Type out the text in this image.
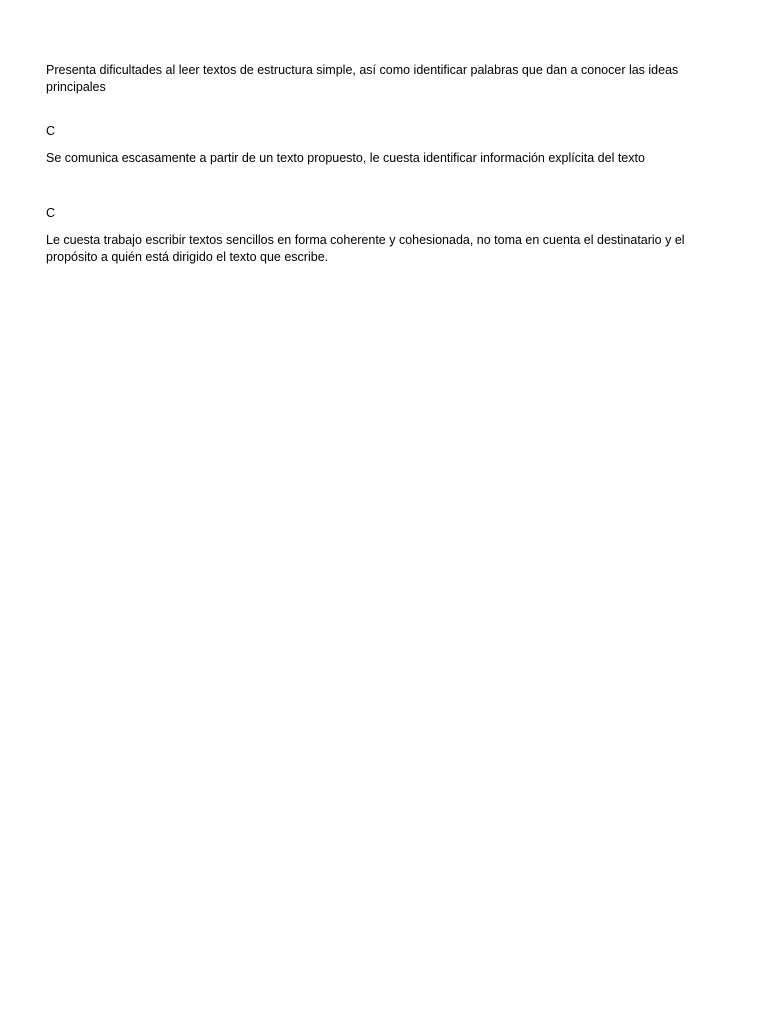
Presenta dificultades al leer textos de estructura simple, así como identificar palabras que dan a conocer las ideas principales

C

Se comunica escasamente a partir de un texto propuesto, le cuesta identificar información explícita del texto

C

Le cuesta trabajo escribir textos sencillos en forma coherente y cohesionada, no toma en cuenta el destinatario y el propósito a quién está dirigido el texto que escribe.
